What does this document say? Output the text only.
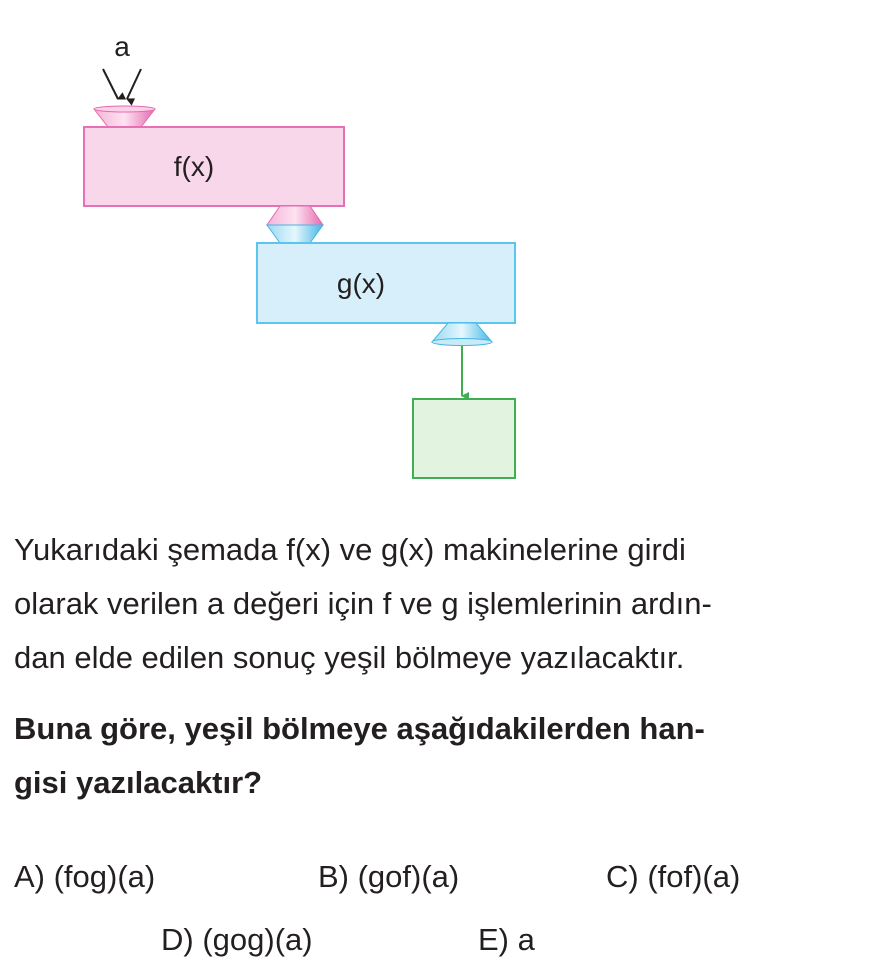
a
f(x)
g(x)

Yukarıdaki şemada f(x) ve g(x) makinelerine girdi
olarak verilen a değeri için f ve g işlemlerinin ardın-
dan elde edilen sonuç yeşil bölmeye yazılacaktır.

Buna göre, yeşil bölmeye aşağıdakilerden han-
gisi yazılacaktır?

A) (fog)(a)	B) (gof)(a)	C) (fof)(a)
D) (gog)(a)	E) a
